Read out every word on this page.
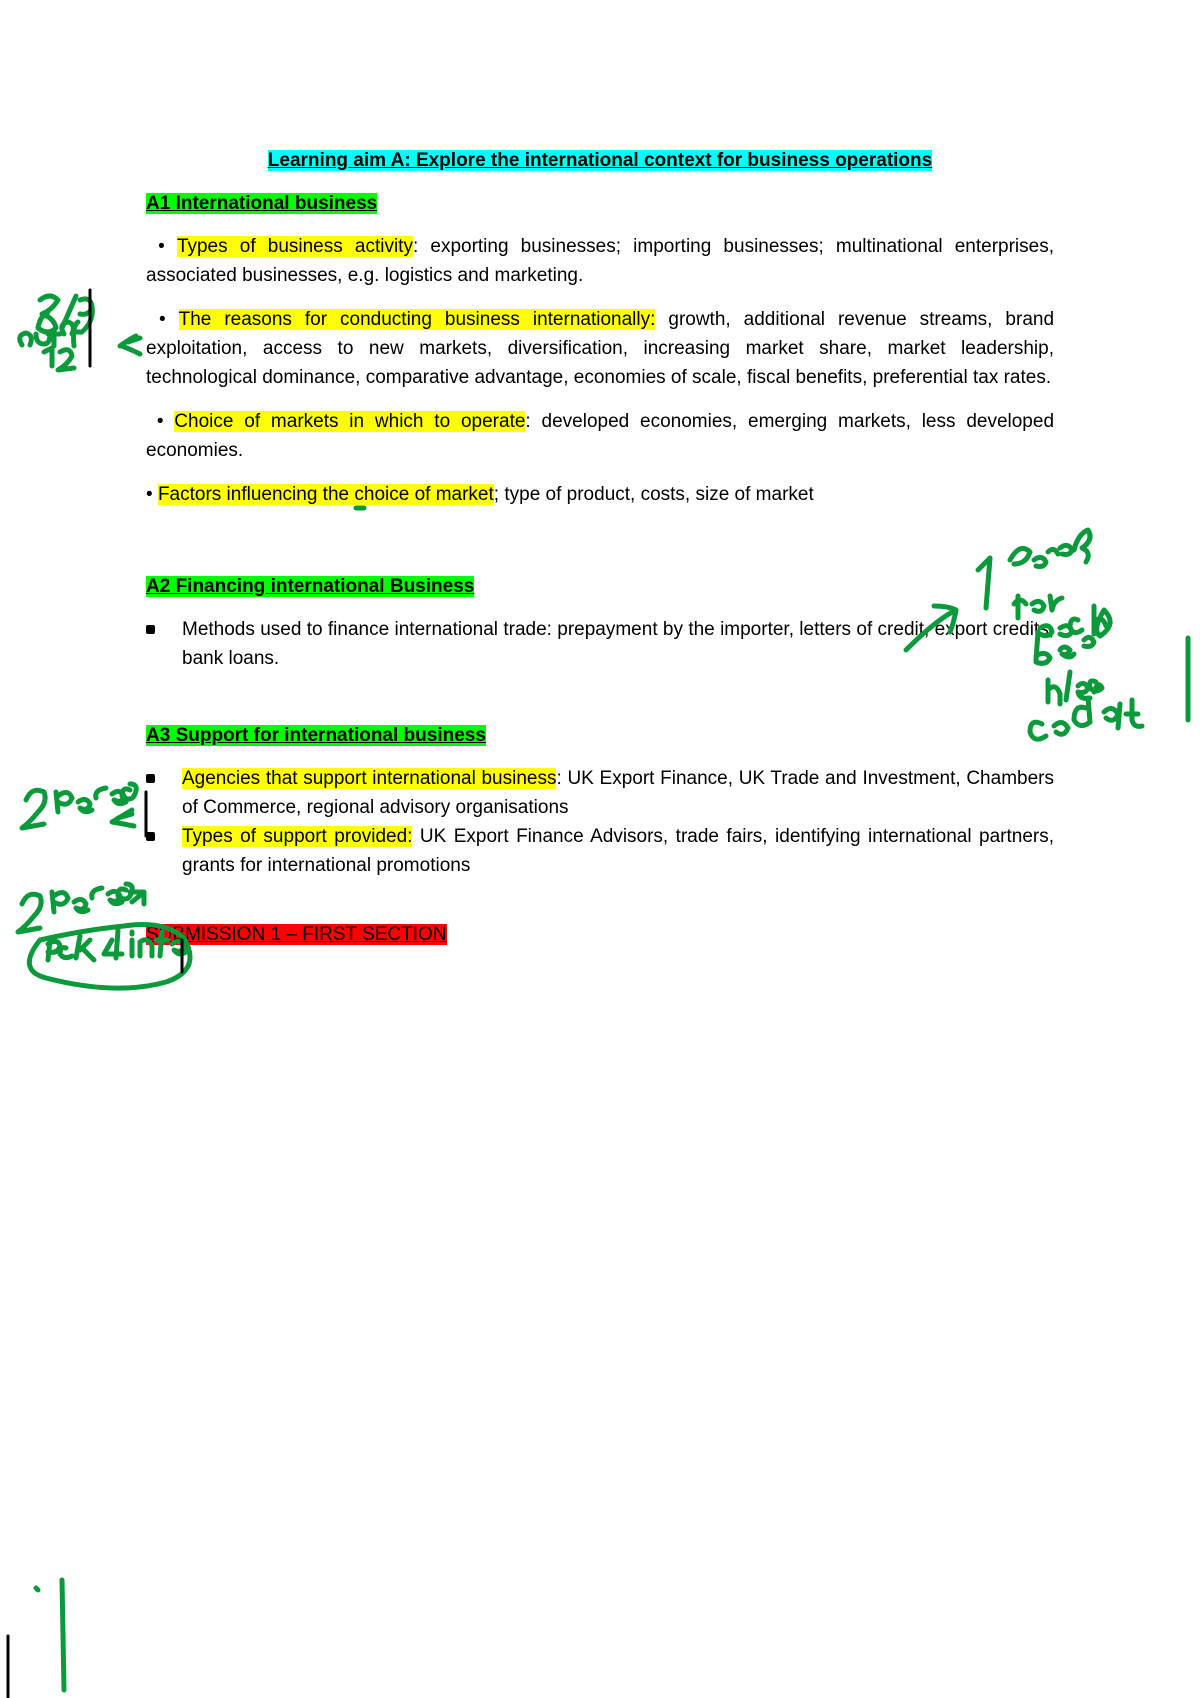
Learning aim A: Explore the international context for business operations
A1 International business

• Types of business activity: exporting businesses; importing businesses; multinational enterprises, associated businesses, e.g. logistics and marketing.

• The reasons for conducting business internationally: growth, additional revenue streams, brand exploitation, access to new markets, diversification, increasing market share, market leadership, technological dominance, comparative advantage, economies of scale, fiscal benefits, preferential tax rates.

• Choice of markets in which to operate: developed economies, emerging markets, less developed economies.

• Factors influencing the choice of market; type of product, costs, size of market

A2 Financing international Business
Methods used to finance international trade: prepayment by the importer, letters of credit, export credits, bank loans.
A3 Support for international business
Agencies that support international business: UK Export Finance, UK Trade and Investment, Chambers of Commerce, regional advisory organisations
Types of support provided: UK Export Finance Advisors, trade fairs, identifying international partners, grants for international promotions
SUBMISSION 1 – FIRST SECTION
